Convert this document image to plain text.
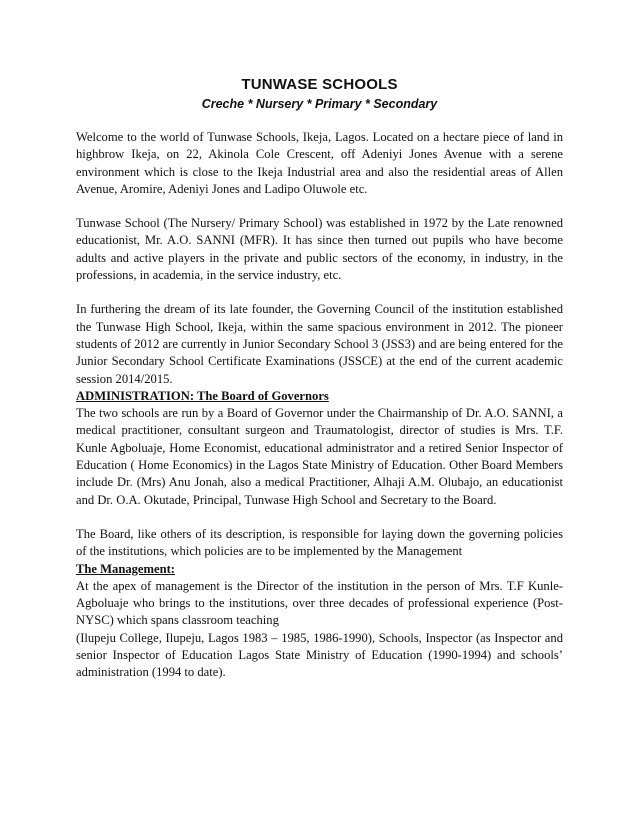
TUNWASE SCHOOLS
Creche * Nursery * Primary * Secondary

Welcome to the world of Tunwase Schools, Ikeja, Lagos. Located on a hectare piece of land in highbrow Ikeja, on 22, Akinola Cole Crescent, off Adeniyi Jones Avenue with a serene environment which is close to the Ikeja Industrial area and also the residential areas of Allen Avenue, Aromire, Adeniyi Jones and Ladipo Oluwole etc.

Tunwase School (The Nursery/ Primary School) was established in 1972 by the Late renowned educationist, Mr. A.O. SANNI (MFR). It has since then turned out pupils who have become adults and active players in the private and public sectors of the economy, in industry, in the professions, in academia, in the service industry, etc.

In furthering the dream of its late founder, the Governing Council of the institution established the Tunwase High School, Ikeja, within the same spacious environment in 2012. The pioneer students of 2012 are currently in Junior Secondary School 3 (JSS3) and are being entered for the Junior Secondary School Certificate Examinations (JSSCE) at the end of the current academic session 2014/2015.

ADMINISTRATION: The Board of Governors

The two schools are run by a Board of Governor under the Chairmanship of Dr. A.O. SANNI, a medical practitioner, consultant surgeon and Traumatologist, director of studies is Mrs. T.F. Kunle Agboluaje, Home Economist, educational administrator and a retired Senior Inspector of Education ( Home Economics) in the Lagos State Ministry of Education. Other Board Members include Dr. (Mrs) Anu Jonah, also a medical Practitioner, Alhaji A.M. Olubajo, an educationist and Dr. O.A. Okutade, Principal, Tunwase High School and Secretary to the Board.

The Board, like others of its description, is responsible for laying down the governing policies of the institutions, which policies are to be implemented by the Management

The Management:

At the apex of management is the Director of the institution in the person of Mrs. T.F Kunle-Agboluaje who brings to the institutions, over three decades of professional experience (Post-NYSC) which spans classroom teaching

(Ilupeju College, Ilupeju, Lagos 1983 – 1985, 1986-1990), Schools, Inspector (as Inspector and senior Inspector of Education Lagos State Ministry of Education (1990-1994) and schools’ administration (1994 to date).
